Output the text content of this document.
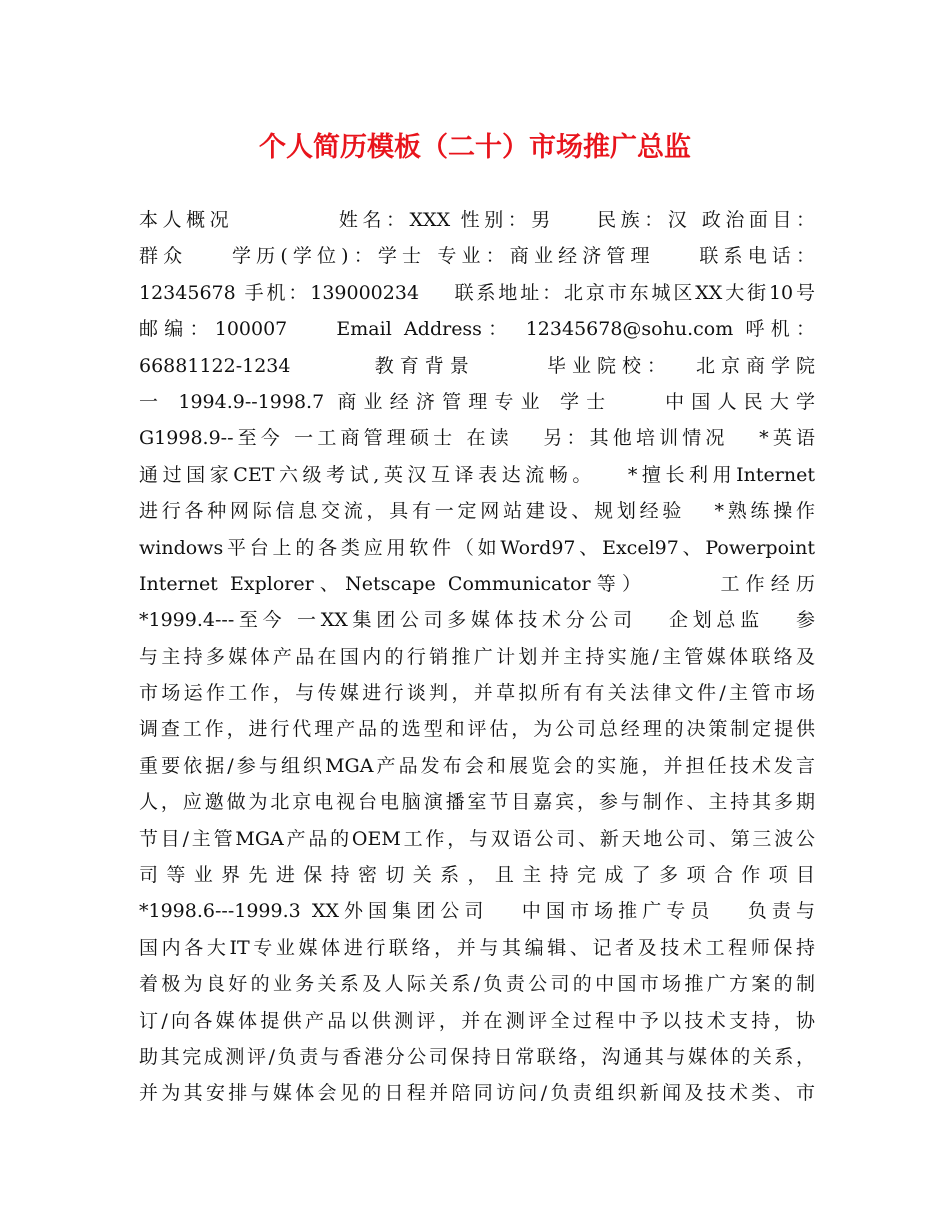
个人简历模板（二十）市场推广总监
本人概况          姓名：XXX 性别：男    民族：汉 政治面目：
群众    学历(学位)：学士 专业：商业经济管理    联系电话：
12345678 手机：139000234    联系地址：北京市东城区XX大街10号
邮编：100007    Email Address： 12345678@sohu.com 呼机：
66881122-1234       教育背景      毕业院校：  北京商学院
一 1994.9--1998.7 商业经济管理专业 学士    中国人民大学
G1998.9--至今 一工商管理硕士 在读   另：其他培训情况   *英语
通过国家CET六级考试,英汉互译表达流畅。   *擅长利用Internet
进行各种网际信息交流，具有一定网站建设、规划经验   *熟练操作
windows平台上的各类应用软件（如Word97、Excel97、Powerpoint
Internet Explorer、Netscape Communicator等）      工作经历
*1999.4---至今 一XX集团公司多媒体技术分公司   企划总监   参
与主持多媒体产品在国内的行销推广计划并主持实施/主管媒体联络及
市场运作工作，与传媒进行谈判，并草拟所有有关法律文件/主管市场
调查工作，进行代理产品的选型和评估，为公司总经理的决策制定提供
重要依据/参与组织MGA产品发布会和展览会的实施，并担任技术发言
人，应邀做为北京电视台电脑演播室节目嘉宾，参与制作、主持其多期
节目/主管MGA产品的OEM工作，与双语公司、新天地公司、第三波公
司等业界先进保持密切关系，且主持完成了多项合作项目
*1998.6---1999.3 XX外国集团公司   中国市场推广专员   负责与
国内各大IT专业媒体进行联络，并与其编辑、记者及技术工程师保持
着极为良好的业务关系及人际关系/负责公司的中国市场推广方案的制
订/向各媒体提供产品以供测评，并在测评全过程中予以技术支持，协
助其完成测评/负责与香港分公司保持日常联络，沟通其与媒体的关系，
并为其安排与媒体会见的日程并陪同访问/负责组织新闻及技术类、市
